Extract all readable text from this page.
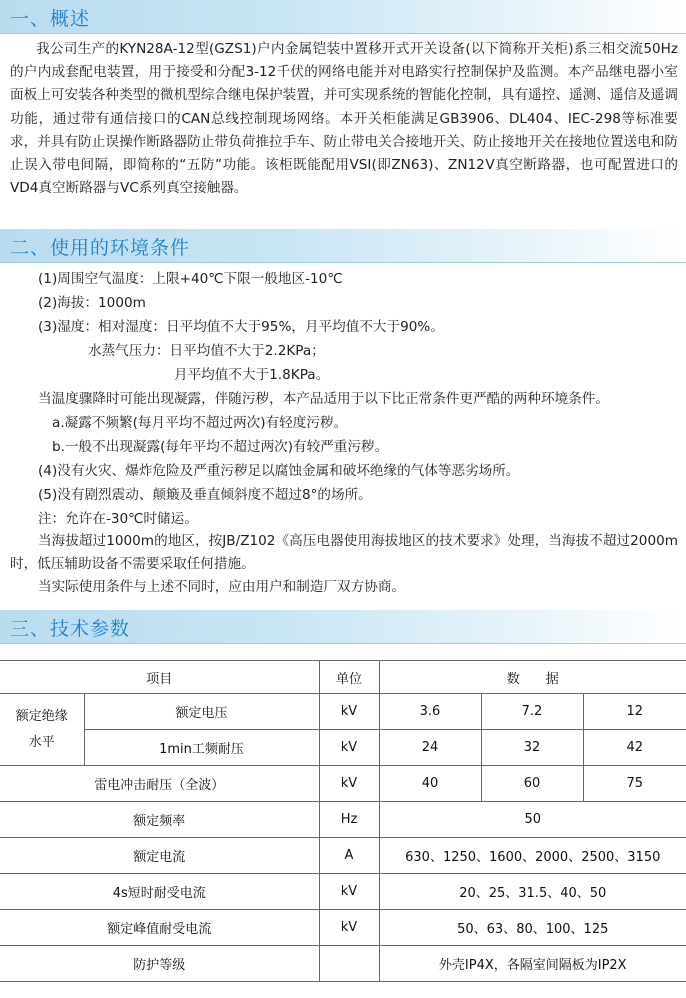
一、概述

我公司生产的KYN28A-12型(GZS1)户内金属铠装中置移开式开关设备(以下简称开关柜)系三相交流50Hz的户内成套配电装置，用于接受和分配3-12千伏的网络电能并对电路实行控制保护及监测。本产品继电器小室面板上可安装各种类型的微机型综合继电保护装置，并可实现系统的智能化控制，具有遥控、遥测、遥信及遥调功能，通过带有通信接口的CAN总线控制现场网络。本开关柜能满足GB3906、DL404、IEC-298等标准要求，并具有防止误操作断路器防止带负荷推拉手车、防止带电关合接地开关、防止接地开关在接地位置送电和防止误入带电间隔，即简称的“五防”功能。该柜既能配用VSI(即ZN63)、ZN12Ⅴ真空断路器，也可配置进口的VD4真空断路器与ⅤC系列真空接触器。

二、使用的环境条件
(1)周围空气温度：上限+40℃下限一般地区-10℃
(2)海拔：1000m
(3)湿度：相对湿度：日平均值不大于95%，月平均值不大于90%。
水蒸气压力：日平均值不大于2.2KPa；
月平均值不大于1.8KPa。
当温度骤降时可能出现凝露，伴随污秽，本产品适用于以下比正常条件更严酷的两种环境条件。
a.凝露不频繁(每月平均不超过两次)有轻度污秽。
b.一般不出现凝露(每年平均不超过两次)有较严重污秽。
(4)没有火灾、爆炸危险及严重污秽足以腐蚀金属和破坏绝缘的气体等恶劣场所。
(5)没有剧烈震动、颠簸及垂直倾斜度不超过8°的场所。
注：允许在-30℃时储运。

当海拔超过1000m的地区，按JB/Z102《高压电器使用海拔地区的技术要求》处理，当海拔不超过2000m时，低压辅助设备不需要采取任何措施。

当实际使用条件与上述不同时，应由用户和制造厂双方协商。
三、技术参数
项目		单位	数　　据		
额定绝缘水平	额定电压	kV	3.6	7.2	12
	1min工频耐压	kV	24	32	42
雷电冲击耐压（全波）		kV	40	60	75
额定频率		Hz	50		
额定电流		A	630、1250、1600、2000、2500、3150		
4s短时耐受电流		kV	20、25、31.5、40、50		
额定峰值耐受电流		kV	50、63、80、100、125		
防护等级			外壳IP4X，各隔室间隔板为IP2X		
